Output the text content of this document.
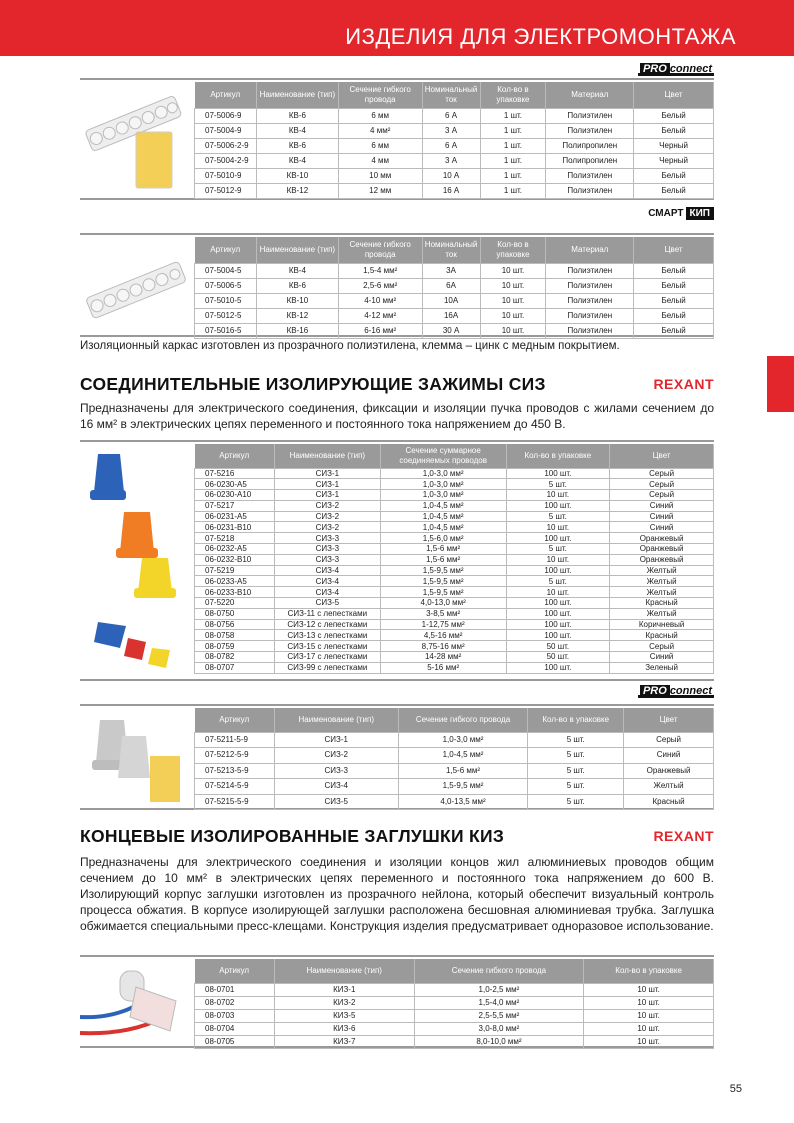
ИЗДЕЛИЯ ДЛЯ ЭЛЕКТРОМОНТАЖА
PRO connect
Артикул	Наименование (тип)	Сечение гибкого провода	Номинальный ток	Кол-во в упаковке	Материал	Цвет
07-5006-9	КВ-6	6 мм	6 А	1 шт.	Полиэтилен	Белый
07-5004-9	КВ-4	4 мм²	3 А	1 шт.	Полиэтилен	Белый
07-5006-2-9	КВ-6	6 мм	6 А	1 шт.	Полипропилен	Черный
07-5004-2-9	КВ-4	4 мм	3 А	1 шт.	Полипропилен	Черный
07-5010-9	КВ-10	10 мм	10 А	1 шт.	Полиэтилен	Белый
07-5012-9	КВ-12	12 мм	16 А	1 шт.	Полиэтилен	Белый
СМАРТ КИП
Артикул	Наименование (тип)	Сечение гибкого провода	Номинальный ток	Кол-во в упаковке	Материал	Цвет
07-5004-5	КВ-4	1,5-4 мм²	3А	10 шт.	Полиэтилен	Белый
07-5006-5	КВ-6	2,5-6 мм²	6А	10 шт.	Полиэтилен	Белый
07-5010-5	КВ-10	4-10 мм²	10А	10 шт.	Полиэтилен	Белый
07-5012-5	КВ-12	4-12 мм²	16А	10 шт.	Полиэтилен	Белый
07-5016-5	КВ-16	6-16 мм²	30 А	10 шт.	Полиэтилен	Белый
Изоляционный каркас изготовлен из прозрачного полиэтилена, клемма – цинк с медным покрытием.
СОЕДИНИТЕЛЬНЫЕ ИЗОЛИРУЮЩИЕ ЗАЖИМЫ СИЗ	REXANT
Предназначены для электрического соединения, фиксации и изоляции пучка проводов с жилами сечением до 16 мм² в электрических цепях переменного и постоянного тока напряжением до 450 В.
Артикул	Наименование (тип)	Сечение суммарное соединяемых проводов	Кол-во в упаковке	Цвет
07-5216	СИЗ-1	1,0-3,0 мм²	100 шт.	Серый
06-0230-А5	СИЗ-1	1,0-3,0 мм²	5 шт.	Серый
06-0230-А10	СИЗ-1	1,0-3,0 мм²	10 шт.	Серый
07-5217	СИЗ-2	1,0-4,5 мм²	100 шт.	Синий
06-0231-А5	СИЗ-2	1,0-4,5 мм²	5 шт.	Синий
06-0231-В10	СИЗ-2	1,0-4,5 мм²	10 шт.	Синий
07-5218	СИЗ-3	1,5-6,0 мм²	100 шт.	Оранжевый
06-0232-А5	СИЗ-3	1,5-6 мм²	5 шт.	Оранжевый
06-0232-В10	СИЗ-3	1,5-6 мм²	10 шт.	Оранжевый
07-5219	СИЗ-4	1,5-9,5 мм²	100 шт.	Желтый
06-0233-А5	СИЗ-4	1,5-9,5 мм²	5 шт.	Желтый
06-0233-В10	СИЗ-4	1,5-9,5 мм²	10 шт.	Желтый
07-5220	СИЗ-5	4,0-13,0 мм²	100 шт.	Красный
08-0750	СИЗ-11 с лепестками	3-8,5 мм²	100 шт.	Желтый
08-0756	СИЗ-12 с лепестками	1-12,75 мм²	100 шт.	Коричневый
08-0758	СИЗ-13 с лепестками	4,5-16 мм²	100 шт.	Красный
08-0759	СИЗ-15 с лепестками	8,75-16 мм²	50 шт.	Серый
08-0782	СИЗ-17 с лепестками	14-28 мм²	50 шт.	Синий
08-0707	СИЗ-99 с лепестками	5-16 мм²	100 шт.	Зеленый
PRO connect
Артикул	Наименование (тип)	Сечение гибкого провода	Кол-во в упаковке	Цвет
07-5211-5-9	СИЗ-1	1,0-3,0 мм²	5 шт.	Серый
07-5212-5-9	СИЗ-2	1,0-4,5 мм²	5 шт.	Синий
07-5213-5-9	СИЗ-3	1,5-6 мм²	5 шт.	Оранжевый
07-5214-5-9	СИЗ-4	1,5-9,5 мм²	5 шт.	Желтый
07-5215-5-9	СИЗ-5	4,0-13,5 мм²	5 шт.	Красный
КОНЦЕВЫЕ ИЗОЛИРОВАННЫЕ ЗАГЛУШКИ КИЗ	REXANT
Предназначены для электрического соединения и изоляции концов жил алюминиевых проводов общим сечением до 10 мм² в электрических цепях переменного и постоянного тока напряжением до 600 В. Изолирующий корпус заглушки изготовлен из прозрачного нейлона, который обеспечит визуальный контроль процесса обжатия. В корпусе изолирующей заглушки расположена бесшовная алюминиевая трубка. Заглушка обжимается специальными пресс-клещами. Конструкция изделия предусматривает одноразовое использование.
Артикул	Наименование (тип)	Сечение гибкого провода	Кол-во в упаковке
08-0701	КИЗ-1	1,0-2,5 мм²	10 шт.
08-0702	КИЗ-2	1,5-4,0 мм²	10 шт.
08-0703	КИЗ-5	2,5-5,5 мм²	10 шт.
08-0704	КИЗ-6	3,0-8,0 мм²	10 шт.
08-0705	КИЗ-7	8,0-10,0 мм²	10 шт.
55
